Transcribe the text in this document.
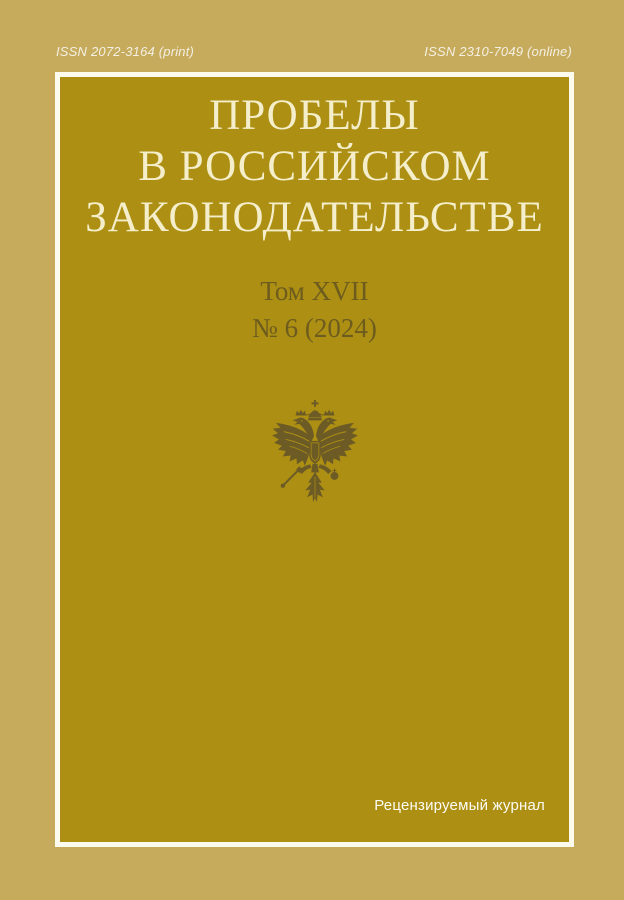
ISSN 2072-3164 (print)	ISSN 2310-7049 (online)
ПРОБЕЛЫ
В РОССИЙСКОМ
ЗАКОНОДАТЕЛЬСТВЕ
Том XVII
№ 6 (2024)
Рецензируемый журнал
